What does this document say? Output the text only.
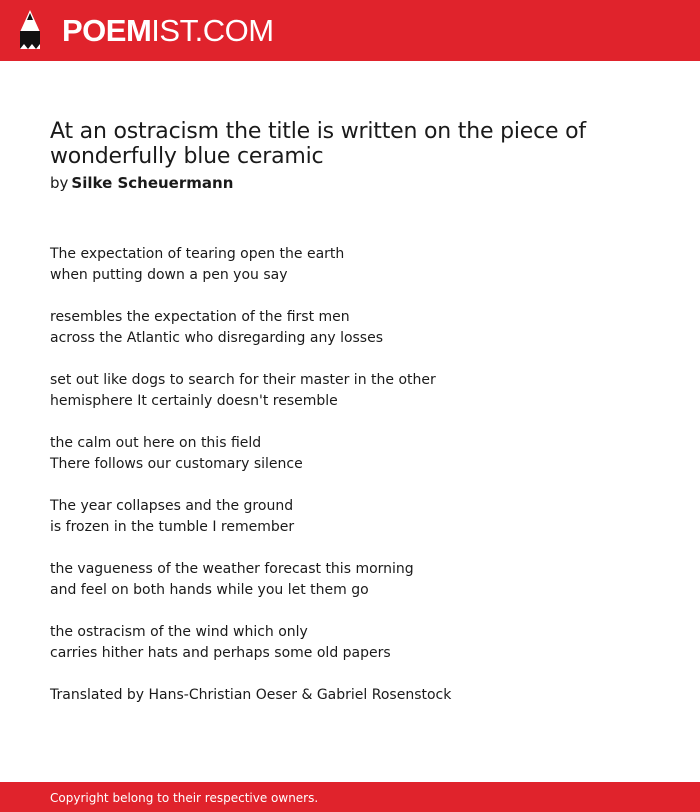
POEMIST.COM
At an ostracism the title is written on the piece of wonderfully blue ceramic
by Silke Scheuermann
The expectation of tearing open the earth
when putting down a pen you say
resembles the expectation of the first men
across the Atlantic who disregarding any losses
set out like dogs to search for their master in the other
hemisphere It certainly doesn't resemble
the calm out here on this field
There follows our customary silence
The year collapses and the ground
is frozen in the tumble I remember
the vagueness of the weather forecast this morning
and feel on both hands while you let them go
the ostracism of the wind which only
carries hither hats and perhaps some old papers
Translated by Hans-Christian Oeser & Gabriel Rosenstock
Copyright belong to their respective owners.
